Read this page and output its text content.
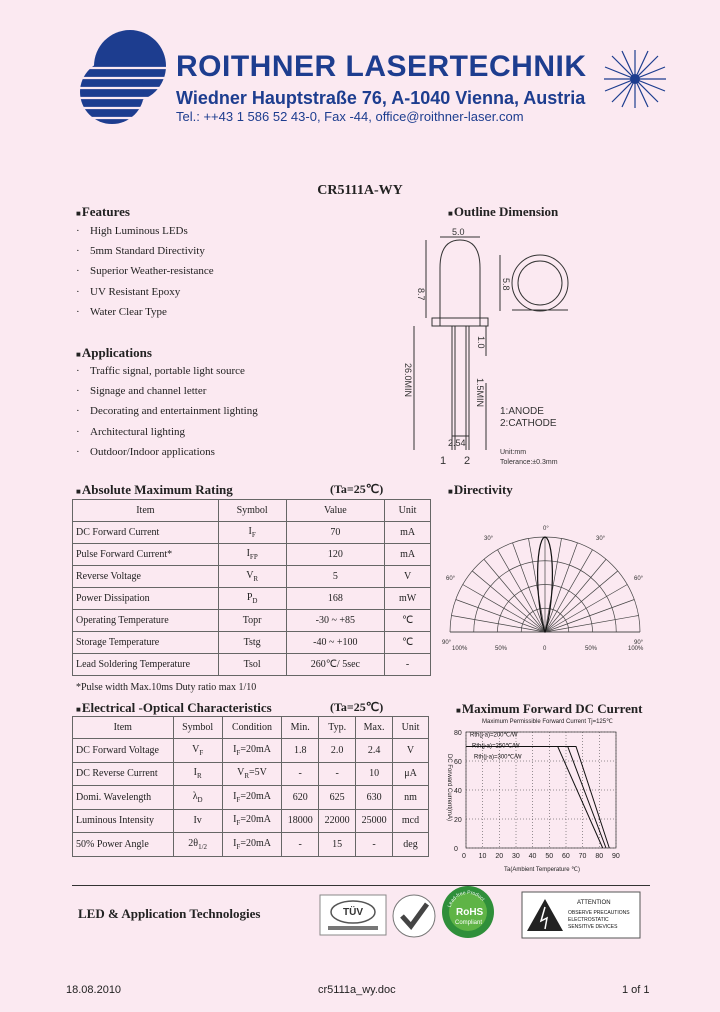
ROITHNER LASERTECHNIK
Wiedner Hauptstraße 76, A-1040 Vienna, Austria
Tel.: ++43 1 586 52 43-0, Fax -44, office@roithner-laser.com
CR5111A-WY
■Features
· High Luminous LEDs
· 5mm Standard Directivity
· Superior Weather-resistance
· UV Resistant Epoxy
· Water Clear Type
■Applications
· Traffic signal, portable light source
· Signage and channel letter
· Decorating and entertainment lighting
· Architectural lighting
· Outdoor/Indoor applications
■Outline Dimension
5.0
8.7
5.8
26.0MIN
1.0
1.5MIN
2.54
1:ANODE
2:CATHODE
1 2
Unit:mm
Tolerance:±0.3mm
■Absolute Maximum Rating	(Ta=25℃)
Item	Symbol	Value	Unit
DC Forward Current	$I_F$	70	mA
Pulse Forward Current*	$I_{FP}$	120	mA
Reverse Voltage	$V_R$	5	V
Power Dissipation	$P_D$	168	mW
Operating Temperature	Topr	-30 ~ +85	℃
Storage Temperature	Tstg	-40 ~ +100	℃
Lead Soldering Temperature	Tsol	260℃/ 5sec	-
*Pulse width Max.10ms Duty ratio max 1/10
■Directivity
0°
30°	30°
60°	60°
90°	90°
100%	50%	0	50%	100%
■Electrical -Optical Characteristics	(Ta=25℃)
Item	Symbol	Condition	Min.	Typ.	Max.	Unit
DC Forward Voltage	$V_F$	$I_F=20mA$	1.8	2.0	2.4	V
DC Reverse Current	$I_R$	$V_R=5V$	-	-	10	μA
Domi. Wavelength	$\lambda_D$	$I_F=20mA$	620	625	630	nm
Luminous Intensity	Iv	$I_F=20mA$	18000	22000	25000	mcd
50% Power Angle	$2\theta_{1/2}$	$I_F=20mA$	-	15	-	deg
■Maximum Forward DC Current
Maximum Permissible Forward Current Tj=125℃
0 10 20 30 40 50 60 70 80 90
0
20
40
60
80 Rth(j-a)=200℃/W
Rth(j-a)=250℃/W
Rth(j-a)=300℃/W
Ta(Ambient Temperature ℃)
DC Forward Current(mA)
LED & Application Technologies	TÜV
Lead-free Product
RoHS
Compliant
ATTENTION
OBSERVE PRECAUTIONS
ELECTROSTATIC
SENSITIVE DEVICES
18.08.2010	cr5111a_wy.doc	1 of 1
